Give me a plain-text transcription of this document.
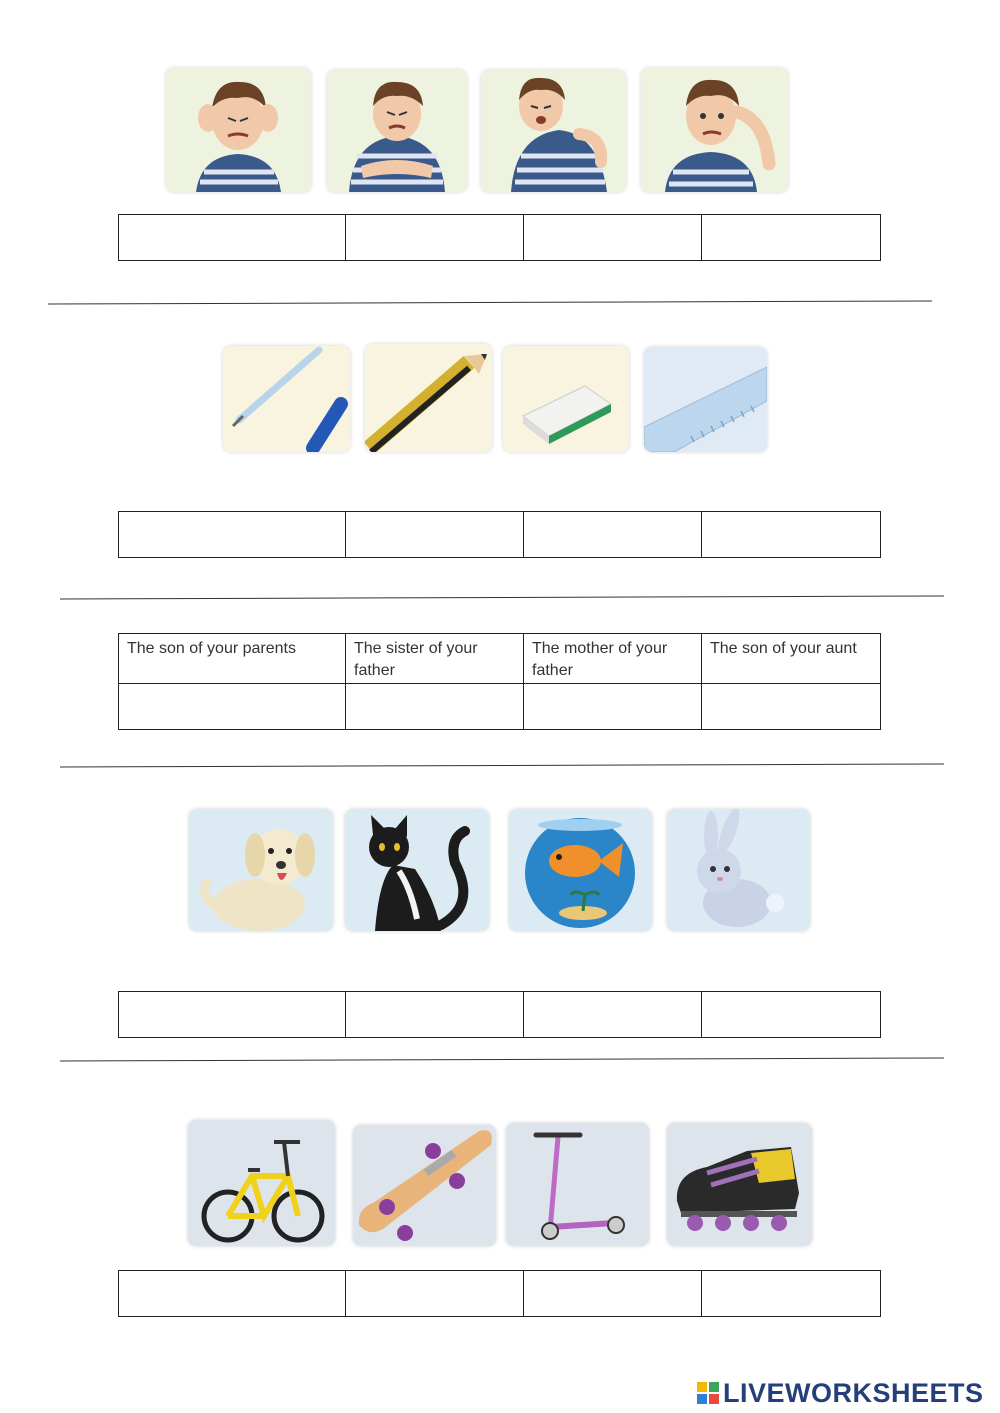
The son of your parents	The sister of your father	The mother of your father	The son of your aunt

LIVEWORKSHEETS
